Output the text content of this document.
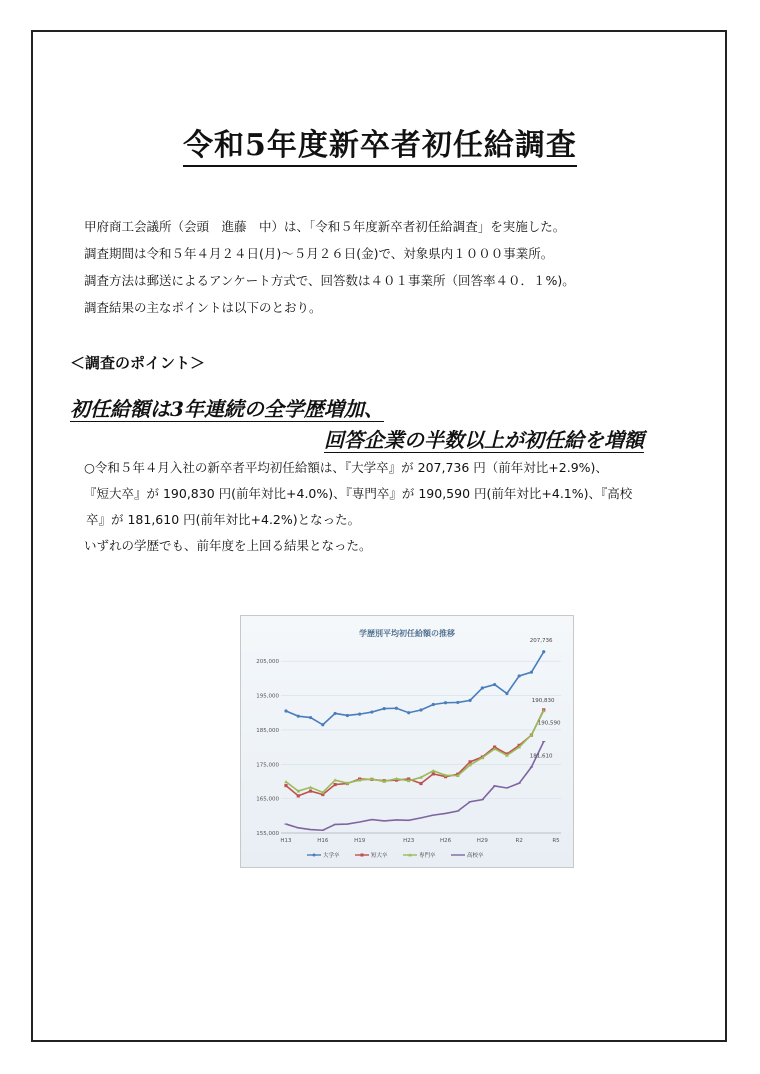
令和5年度新卒者初任給調査
甲府商工会議所（会頭　進藤　中）は、「令和５年度新卒者初任給調査」を実施した。
調査期間は令和５年４月２４日(月)～５月２６日(金)で、対象県内１０００事業所。
調査方法は郵送によるアンケート方式で、回答数は４０１事業所（回答率４０．１%)。
調査結果の主なポイントは以下のとおり。
＜調査のポイント＞
初任給額は3年連続の全学歴増加、
回答企業の半数以上が初任給を増額
○令和５年４月入社の新卒者平均初任給額は、『大学卒』が 207,736 円（前年対比+2.9%)、
『短大卒』が 190,830 円(前年対比+4.0%)、『専門卒』が 190,590 円(前年対比+4.1%)、『高校
卒』が 181,610 円(前年対比+4.2%)となった。
いずれの学歴でも、前年度を上回る結果となった。
学歴別平均初任給額の推移
155,000
165,000
175,000
185,000
195,000
205,000
H13	H16	H19	H23	H26	H29	R2	R5
207,736
190,830
190,590
181,610
大学卒	短大卒	専門卒	高校卒
